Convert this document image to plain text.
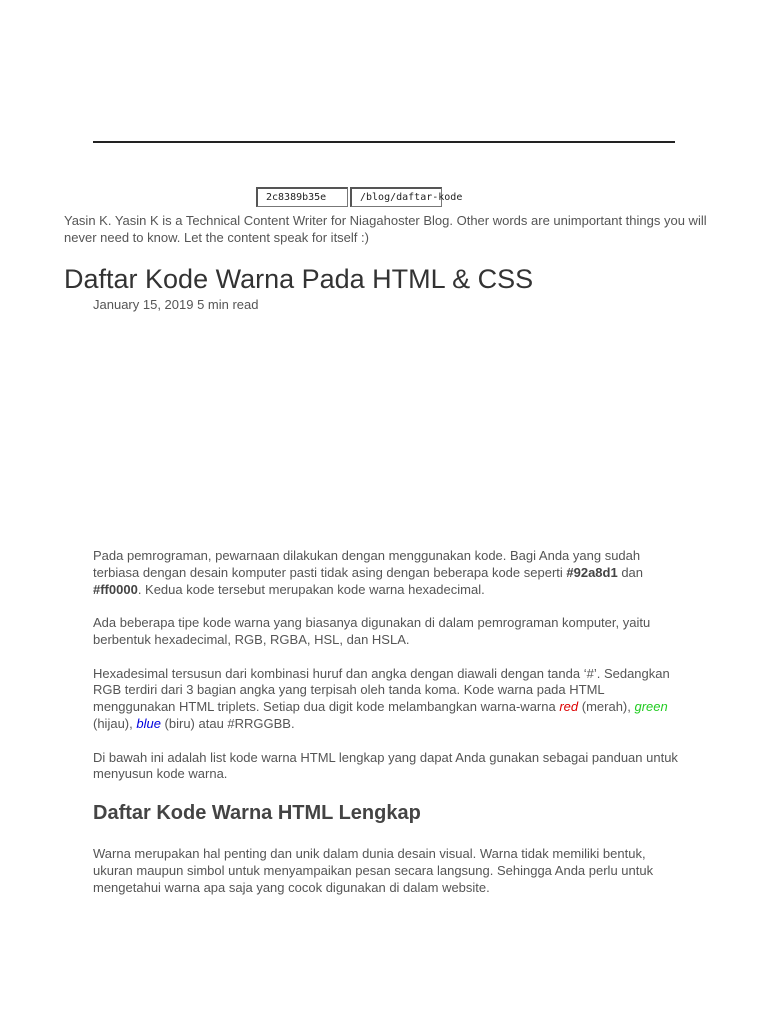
2c8389b35e	/blog/daftar-kode
Yasin K. Yasin K is a Technical Content Writer for Niagahoster Blog. Other words are unimportant things you will never need to know. Let the content speak for itself :)
Daftar Kode Warna Pada HTML & CSS
January 15, 2019 5 min read

Pada pemrograman, pewarnaan dilakukan dengan menggunakan kode. Bagi Anda yang sudah terbiasa dengan desain komputer pasti tidak asing dengan beberapa kode seperti #92a8d1 dan #ff0000. Kedua kode tersebut merupakan kode warna hexadecimal.

Ada beberapa tipe kode warna yang biasanya digunakan di dalam pemrograman komputer, yaitu berbentuk hexadecimal, RGB, RGBA, HSL, dan HSLA.

Hexadesimal tersusun dari kombinasi huruf dan angka dengan diawali dengan tanda ‘#’. Sedangkan RGB terdiri dari 3 bagian angka yang terpisah oleh tanda koma. Kode warna pada HTML menggunakan HTML triplets. Setiap dua digit kode melambangkan warna-warna red (merah), green (hijau), blue (biru) atau #RRGGBB.

Di bawah ini adalah list kode warna HTML lengkap yang dapat Anda gunakan sebagai panduan untuk menyusun kode warna.

Daftar Kode Warna HTML Lengkap

Warna merupakan hal penting dan unik dalam dunia desain visual. Warna tidak memiliki bentuk, ukuran maupun simbol untuk menyampaikan pesan secara langsung. Sehingga Anda perlu untuk mengetahui warna apa saja yang cocok digunakan di dalam website.
